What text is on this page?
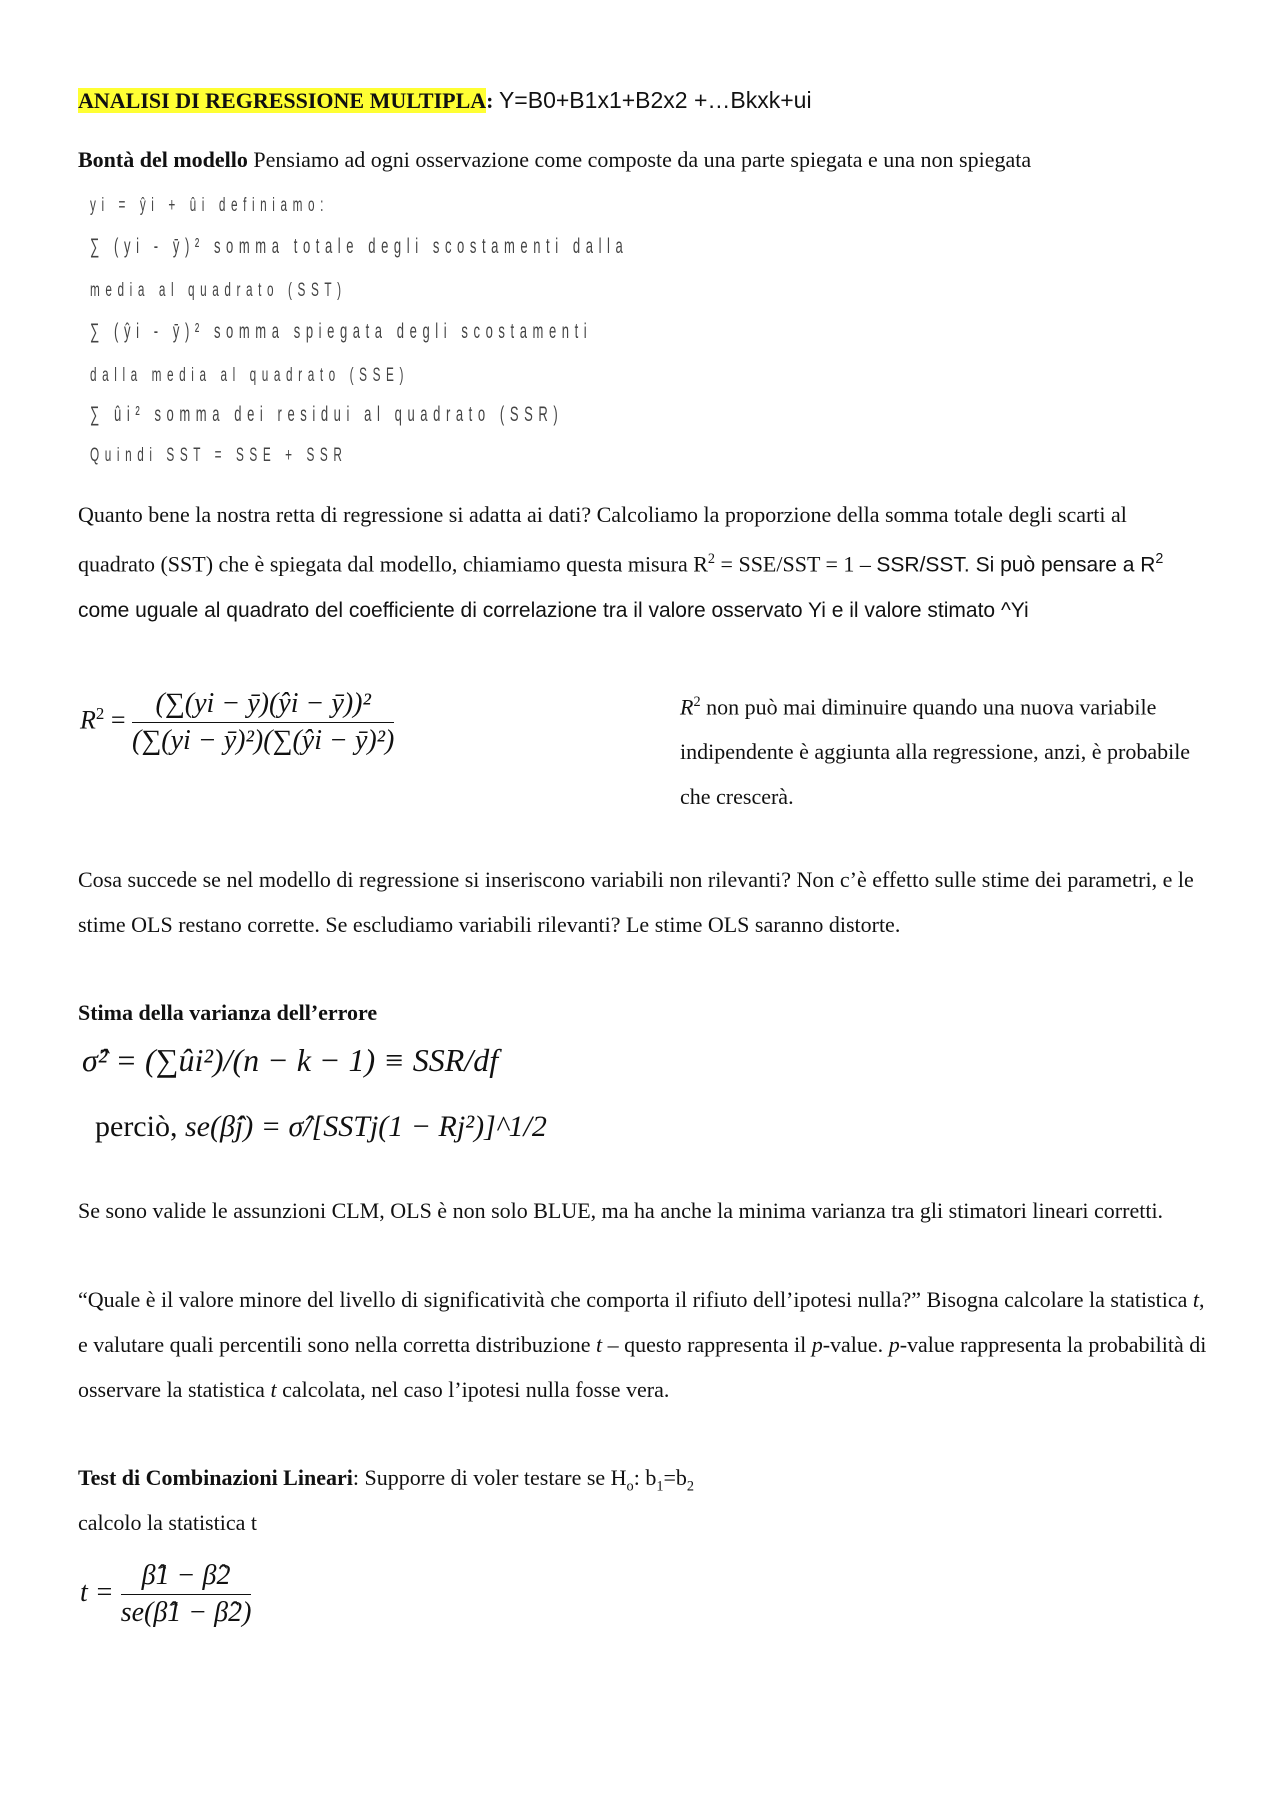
ANALISI DI REGRESSIONE MULTIPLA: Y=B0+B1x1+B2x2 +…Bkxk+ui
Bontà del modello Pensiamo ad ogni osservazione come composte da una parte spiegata e una non spiegata
yi = ŷi + ûi definiamo:
∑ (yi - ȳ)² somma totale degli scostamenti dalla
media al quadrato (SST)
∑ (ŷi - ȳ)² somma spiegata degli scostamenti
dalla media al quadrato (SSE)
∑ ûi² somma dei residui al quadrato (SSR)
Quindi SST = SSE + SSR
Quanto bene la nostra retta di regressione si adatta ai dati? Calcoliamo la proporzione della somma totale degli scarti al quadrato (SST) che è spiegata dal modello, chiamiamo questa misura $R^2 = SSE/SST = 1 - SSR/SST$. Si può pensare a $R^2$ come uguale al quadrato del coefficiente di correlazione tra il valore osservato Yi e il valore stimato ^Yi
$R^2 = \frac{\text{(∑(yi − ȳ)(ŷi − ȳ))²}}{\text{(∑(yi − ȳ)²)(∑(ŷi − ȳ)²)}}$	$R^2$ non può mai diminuire quando una nuova variabile indipendente è aggiunta alla regressione, anzi, è probabile che crescerà.
Cosa succede se nel modello di regressione si inseriscono variabili non rilevanti? Non c’è effetto sulle stime dei parametri, e le stime OLS restano corrette. Se escludiamo variabili rilevanti? Le stime OLS saranno distorte.
Stima della varianza dell’errore
σ̂² = (∑ûi²)/(n − k − 1) ≡ SSR/df
perciò, se(β̂j) = σ̂/[SSTj(1 − Rj²)]^1/2
Se sono valide le assunzioni CLM, OLS è non solo BLUE, ma ha anche la minima varianza tra gli stimatori lineari corretti.
“Quale è il valore minore del livello di significatività che comporta il rifiuto dell’ipotesi nulla?” Bisogna calcolare la statistica t, e valutare quali percentili sono nella corretta distribuzione t – questo rappresenta il p-value. p-value rappresenta la probabilità di osservare la statistica t calcolata, nel caso l’ipotesi nulla fosse vera.
Test di Combinazioni Lineari: Supporre di voler testare se $H_o$: $b_1=b_2$
calcolo la statistica t
$t = \frac{\betâ1 - \betâ2}{se(\betâ1 - \betâ2)}$
